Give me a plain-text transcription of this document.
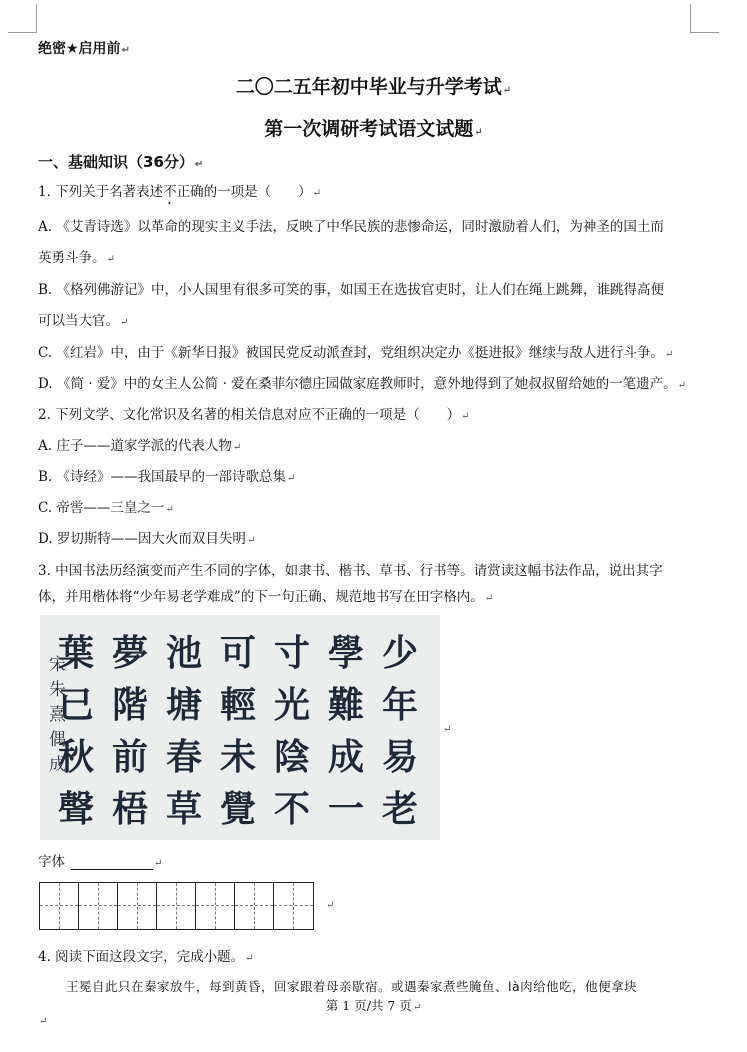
绝密★启用前↵
二〇二五年初中毕业与升学考试↵
第一次调研考试语文试题↵
一、基础知识（36分）↵
1. 下列关于名著表述不正确的一项是（　　）↵
A. 《艾青诗选》以革命的现实主义手法，反映了中华民族的悲惨命运，同时激励着人们，为神圣的国土而
英勇斗争。↵
B. 《格列佛游记》中，小人国里有很多可笑的事，如国王在选拔官吏时，让人们在绳上跳舞，谁跳得高便
可以当大官。↵
C. 《红岩》中，由于《新华日报》被国民党反动派查封，党组织决定办《挺进报》继续与敌人进行斗争。↵
D. 《简 · 爱》中的女主人公简 · 爱在桑菲尔德庄园做家庭教师时，意外地得到了她叔叔留给她的一笔遗产。↵
2. 下列文学、文化常识及名著的相关信息对应不正确的一项是（　　）↵
A. 庄子——道家学派的代表人物↵
B. 《诗经》——我国最早的一部诗歌总集↵
C. 帝喾——三皇之一↵
D. 罗切斯特——因大火而双目失明↵
3. 中国书法历经演变而产生不同的字体，如隶书、楷书、草书、行书等。请赏读这幅书法作品，说出其字
体，并用楷体将“少年易老学难成”的下一句正确、规范地书写在田字格内。↵
少
年
易
老
學
難
成
一
寸
光
陰
不
可
輕
未
覺
池
塘
春
草
夢
階
前
梧
葉
已
秋
聲
宋朱熹偶成	↵
字体	↵
↵
4. 阅读下面这段文字，完成小题。↵
王冕自此只在秦家放牛，每到黄昏，回家跟着母亲歇宿。或遇秦家煮些腌鱼、là肉给他吃，他便拿块
第 1 页/共 7 页↵
↵
